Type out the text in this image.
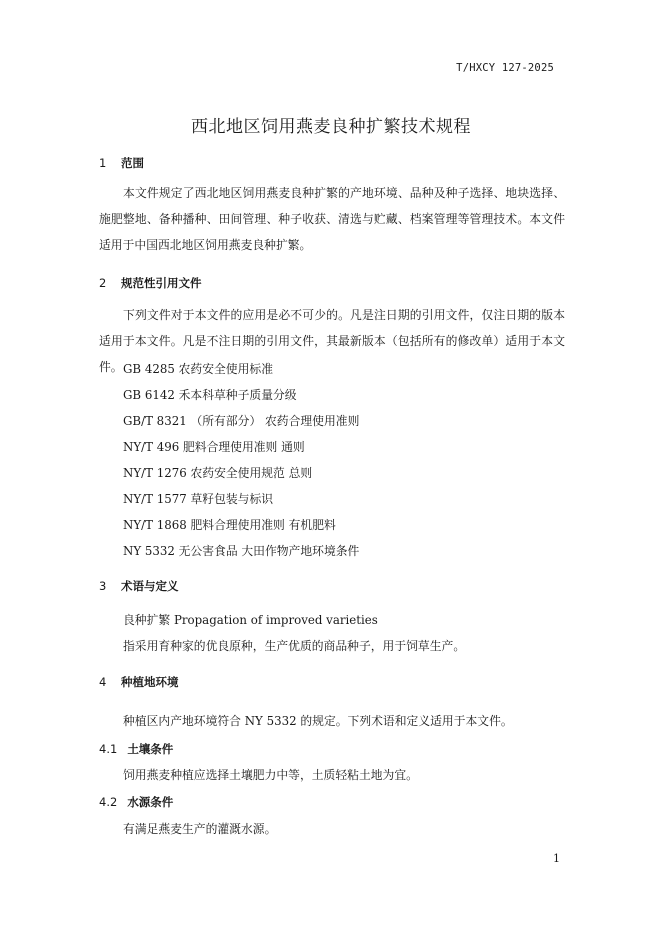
T/HXCY 127-2025
西北地区饲用燕麦良种扩繁技术规程
1 范围
本文件规定了西北地区饲用燕麦良种扩繁的产地环境、品种及种子选择、地块选择、施肥整地、备种播种、田间管理、种子收获、清选与贮藏、档案管理等管理技术。本文件适用于中国西北地区饲用燕麦良种扩繁。
2 规范性引用文件
下列文件对于本文件的应用是必不可少的。凡是注日期的引用文件，仅注日期的版本适用于本文件。凡是不注日期的引用文件，其最新版本（包括所有的修改单）适用于本文件。 GB 4285 农药安全使用标准
GB 6142 禾本科草种子质量分级
GB/T 8321 （所有部分） 农药合理使用准则
NY/T 496 肥料合理使用准则 通则
NY/T 1276 农药安全使用规范 总则
NY/T 1577 草籽包装与标识
NY/T 1868 肥料合理使用准则 有机肥料
NY 5332 无公害食品 大田作物产地环境条件
3 术语与定义
良种扩繁 Propagation of improved varieties
指采用育种家的优良原种，生产优质的商品种子，用于饲草生产。
4 种植地环境
种植区内产地环境符合 NY 5332 的规定。下列术语和定义适用于本文件。
4.1 土壤条件
饲用燕麦种植应选择土壤肥力中等，土质轻粘土地为宜。
4.2 水源条件
有满足燕麦生产的灌溉水源。
1
